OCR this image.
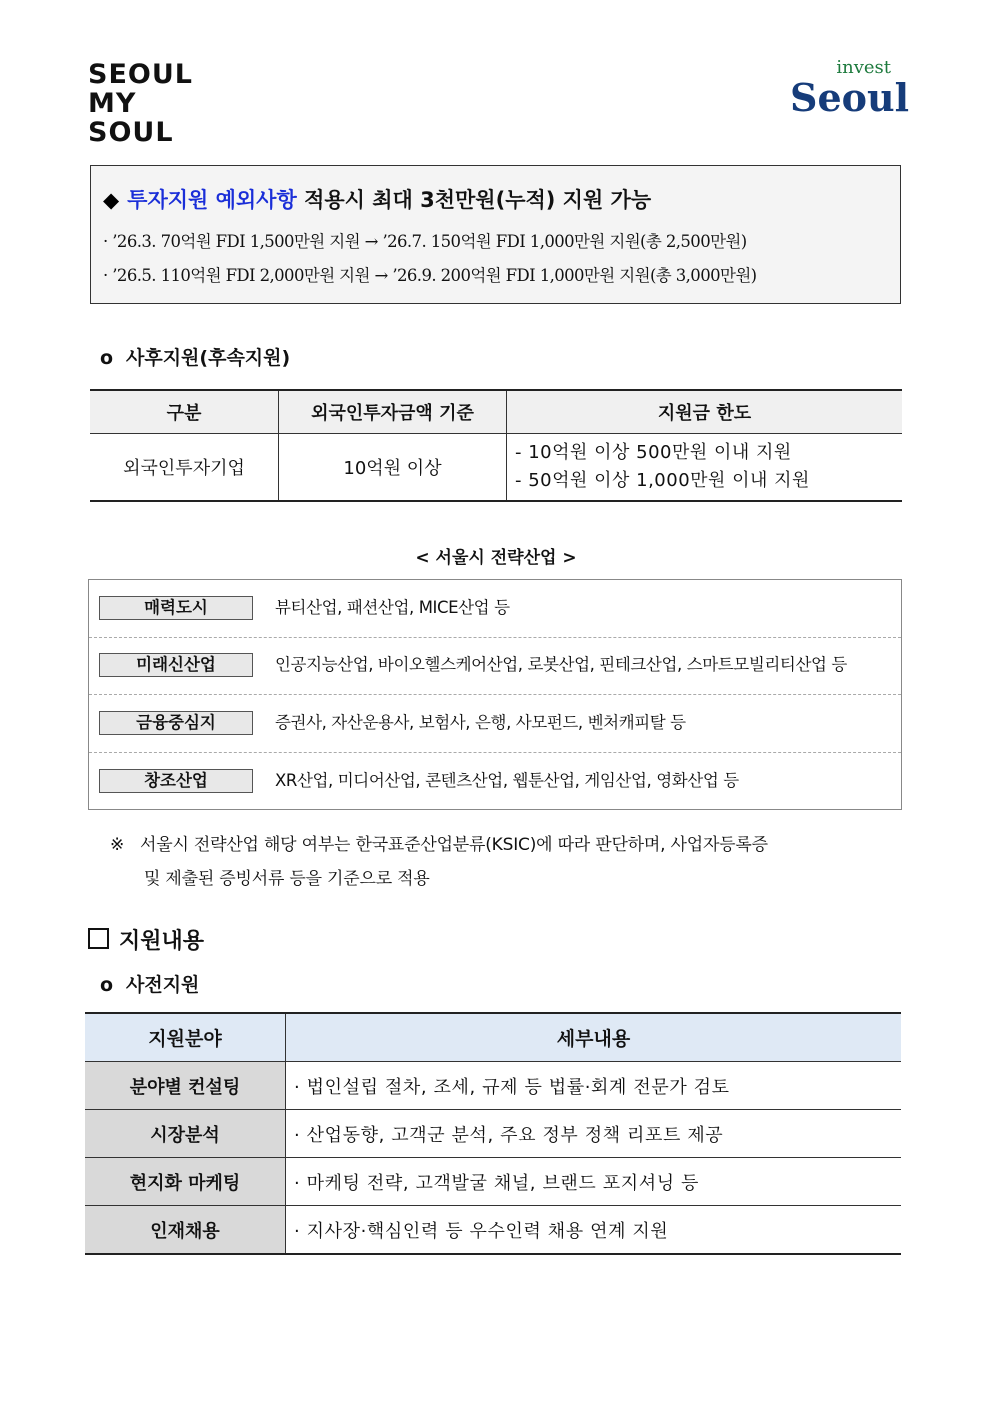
SEOUL
MY SOUL
invest
Seoul
◆ 투자지원 예외사항 적용시 최대 3천만원(누적) 지원 가능
· ’26.3. 70억원 FDI 1,500만원 지원 → ’26.7. 150억원 FDI 1,000만원 지원(총 2,500만원)
· ’26.5. 110억원 FDI 2,000만원 지원 → ’26.9. 200억원 FDI 1,000만원 지원(총 3,000만원)
o 사후지원(후속지원)
구분	외국인투자금액 기준	지원금 한도
외국인투자기업	10억원 이상	- 10억원 이상 500만원 이내 지원
- 50억원 이상 1,000만원 이내 지원
< 서울시 전략산업 >
매력도시	뷰티산업, 패션산업, MICE산업 등
미래신산업	인공지능산업, 바이오헬스케어산업, 로봇산업, 핀테크산업, 스마트모빌리티산업 등
금융중심지	증권사, 자산운용사, 보험사, 은행, 사모펀드, 벤처캐피탈 등
창조산업	XR산업, 미디어산업, 콘텐츠산업, 웹툰산업, 게임산업, 영화산업 등
※ 서울시 전략산업 해당 여부는 한국표준산업분류(KSIC)에 따라 판단하며, 사업자등록증
및 제출된 증빙서류 등을 기준으로 적용
지원내용
o 사전지원
지원분야	세부내용
분야별 컨설팅	· 법인설립 절차, 조세, 규제 등 법률·회계 전문가 검토
시장분석	· 산업동향, 고객군 분석, 주요 정부 정책 리포트 제공
현지화 마케팅	· 마케팅 전략, 고객발굴 채널, 브랜드 포지셔닝 등
인재채용	· 지사장·핵심인력 등 우수인력 채용 연계 지원
